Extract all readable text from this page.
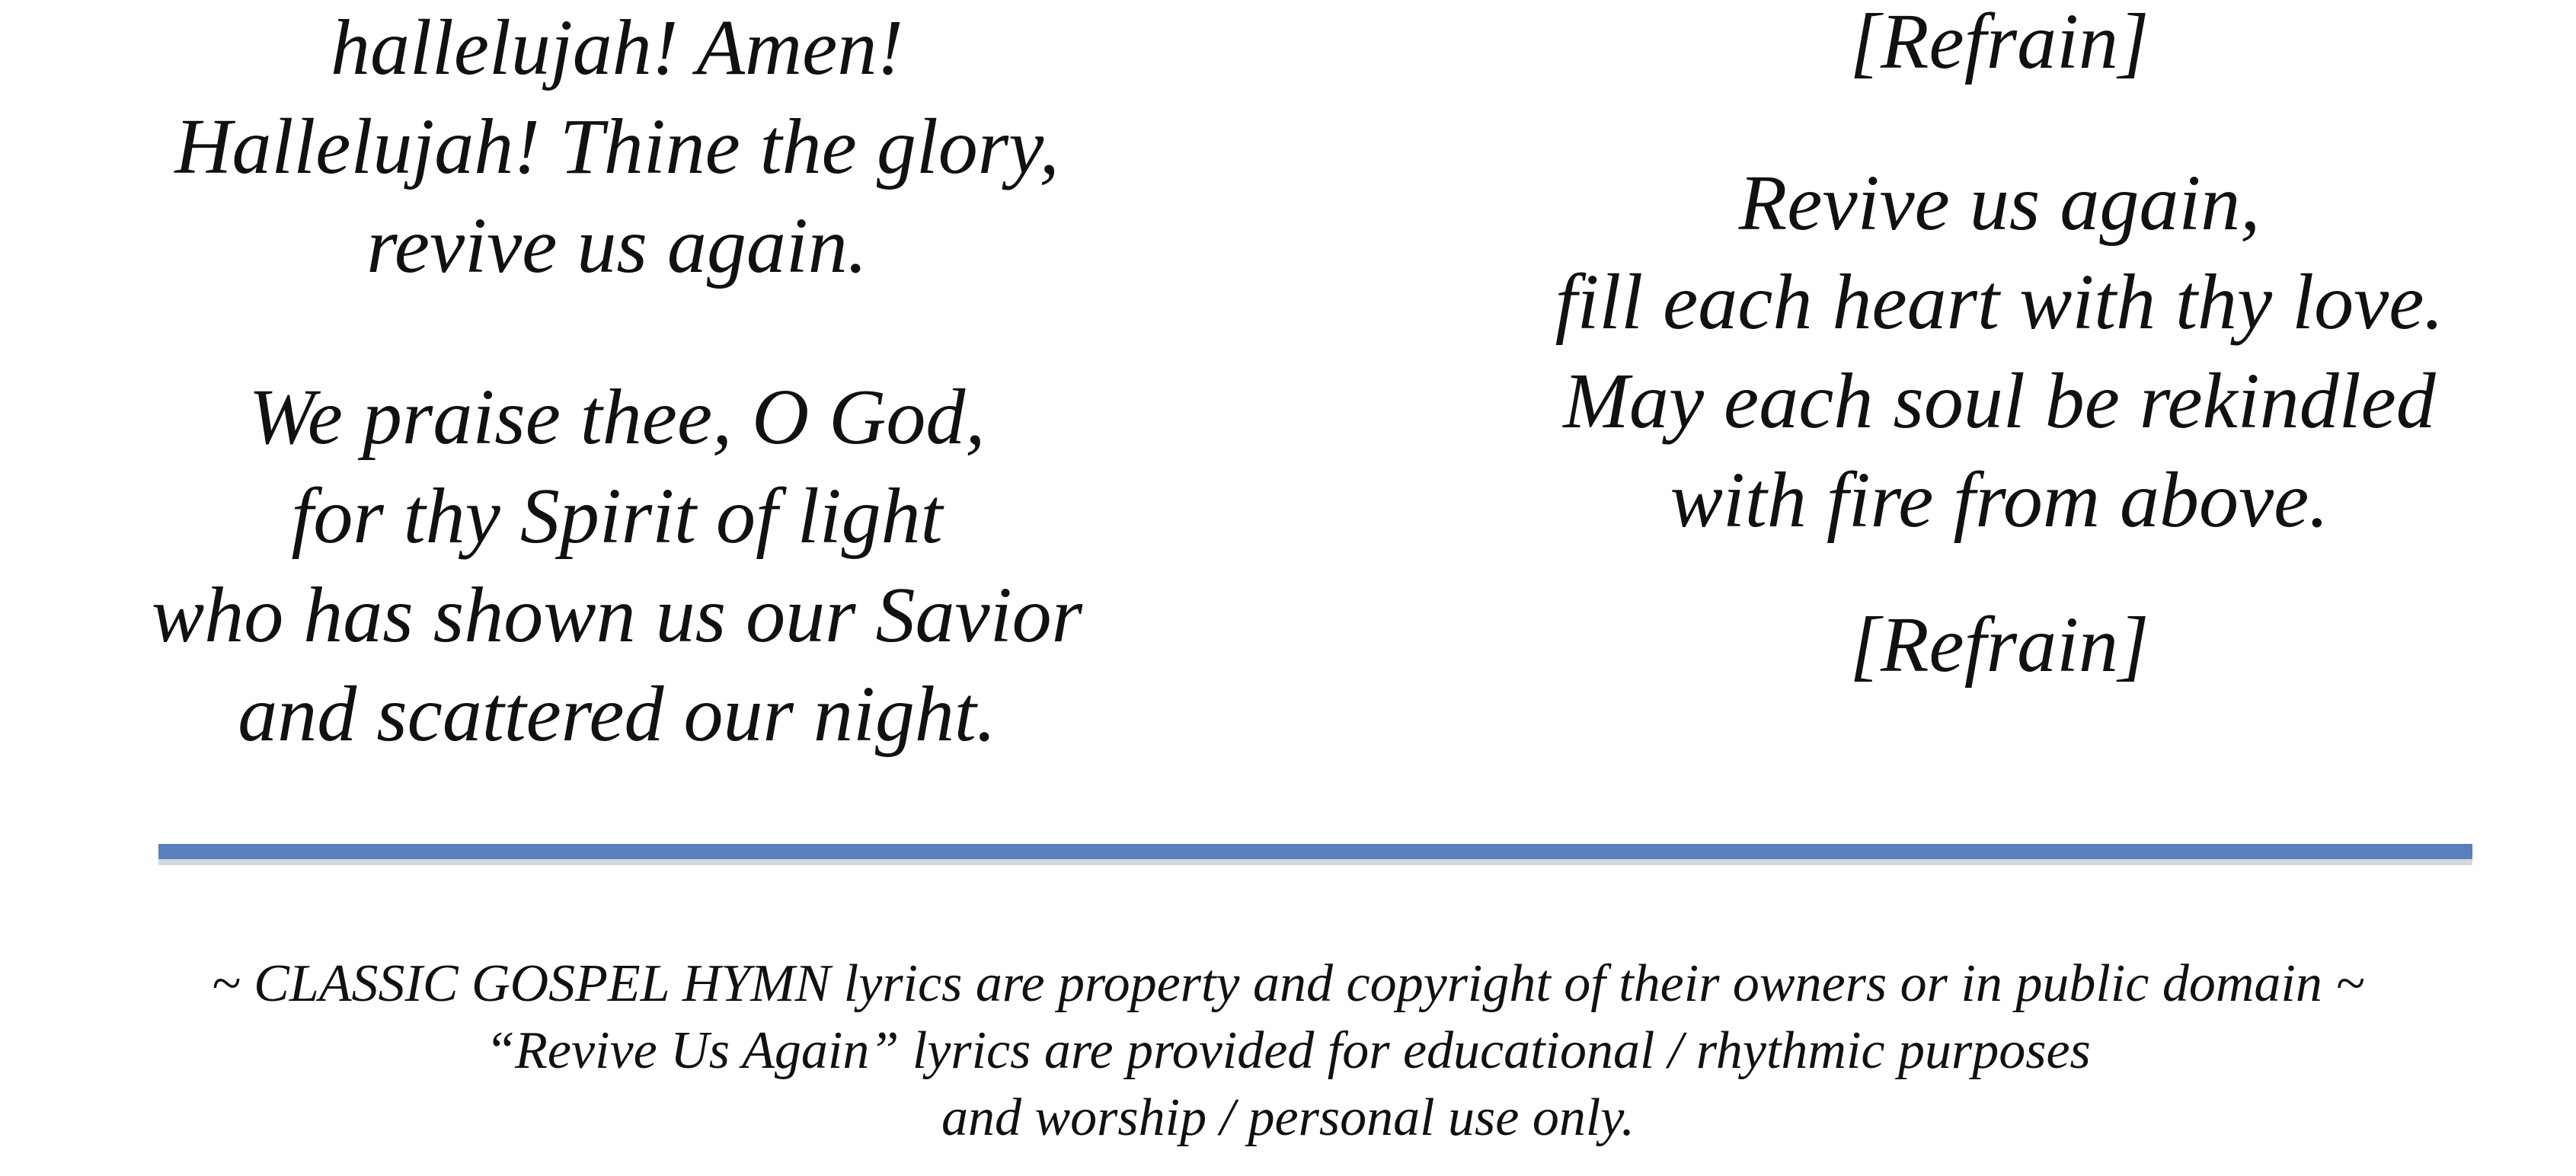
hallelujah! Amen!
Hallelujah! Thine the glory,
revive us again.

We praise thee, O God,
for thy Spirit of light
who has shown us our Savior
and scattered our night.

[Refrain]

Revive us again,
fill each heart with thy love.
May each soul be rekindled
with fire from above.

[Refrain]

~ CLASSIC GOSPEL HYMN lyrics are property and copyright of their owners or in public domain ~
“Revive Us Again” lyrics are provided for educational / rhythmic purposes
and worship / personal use only.
